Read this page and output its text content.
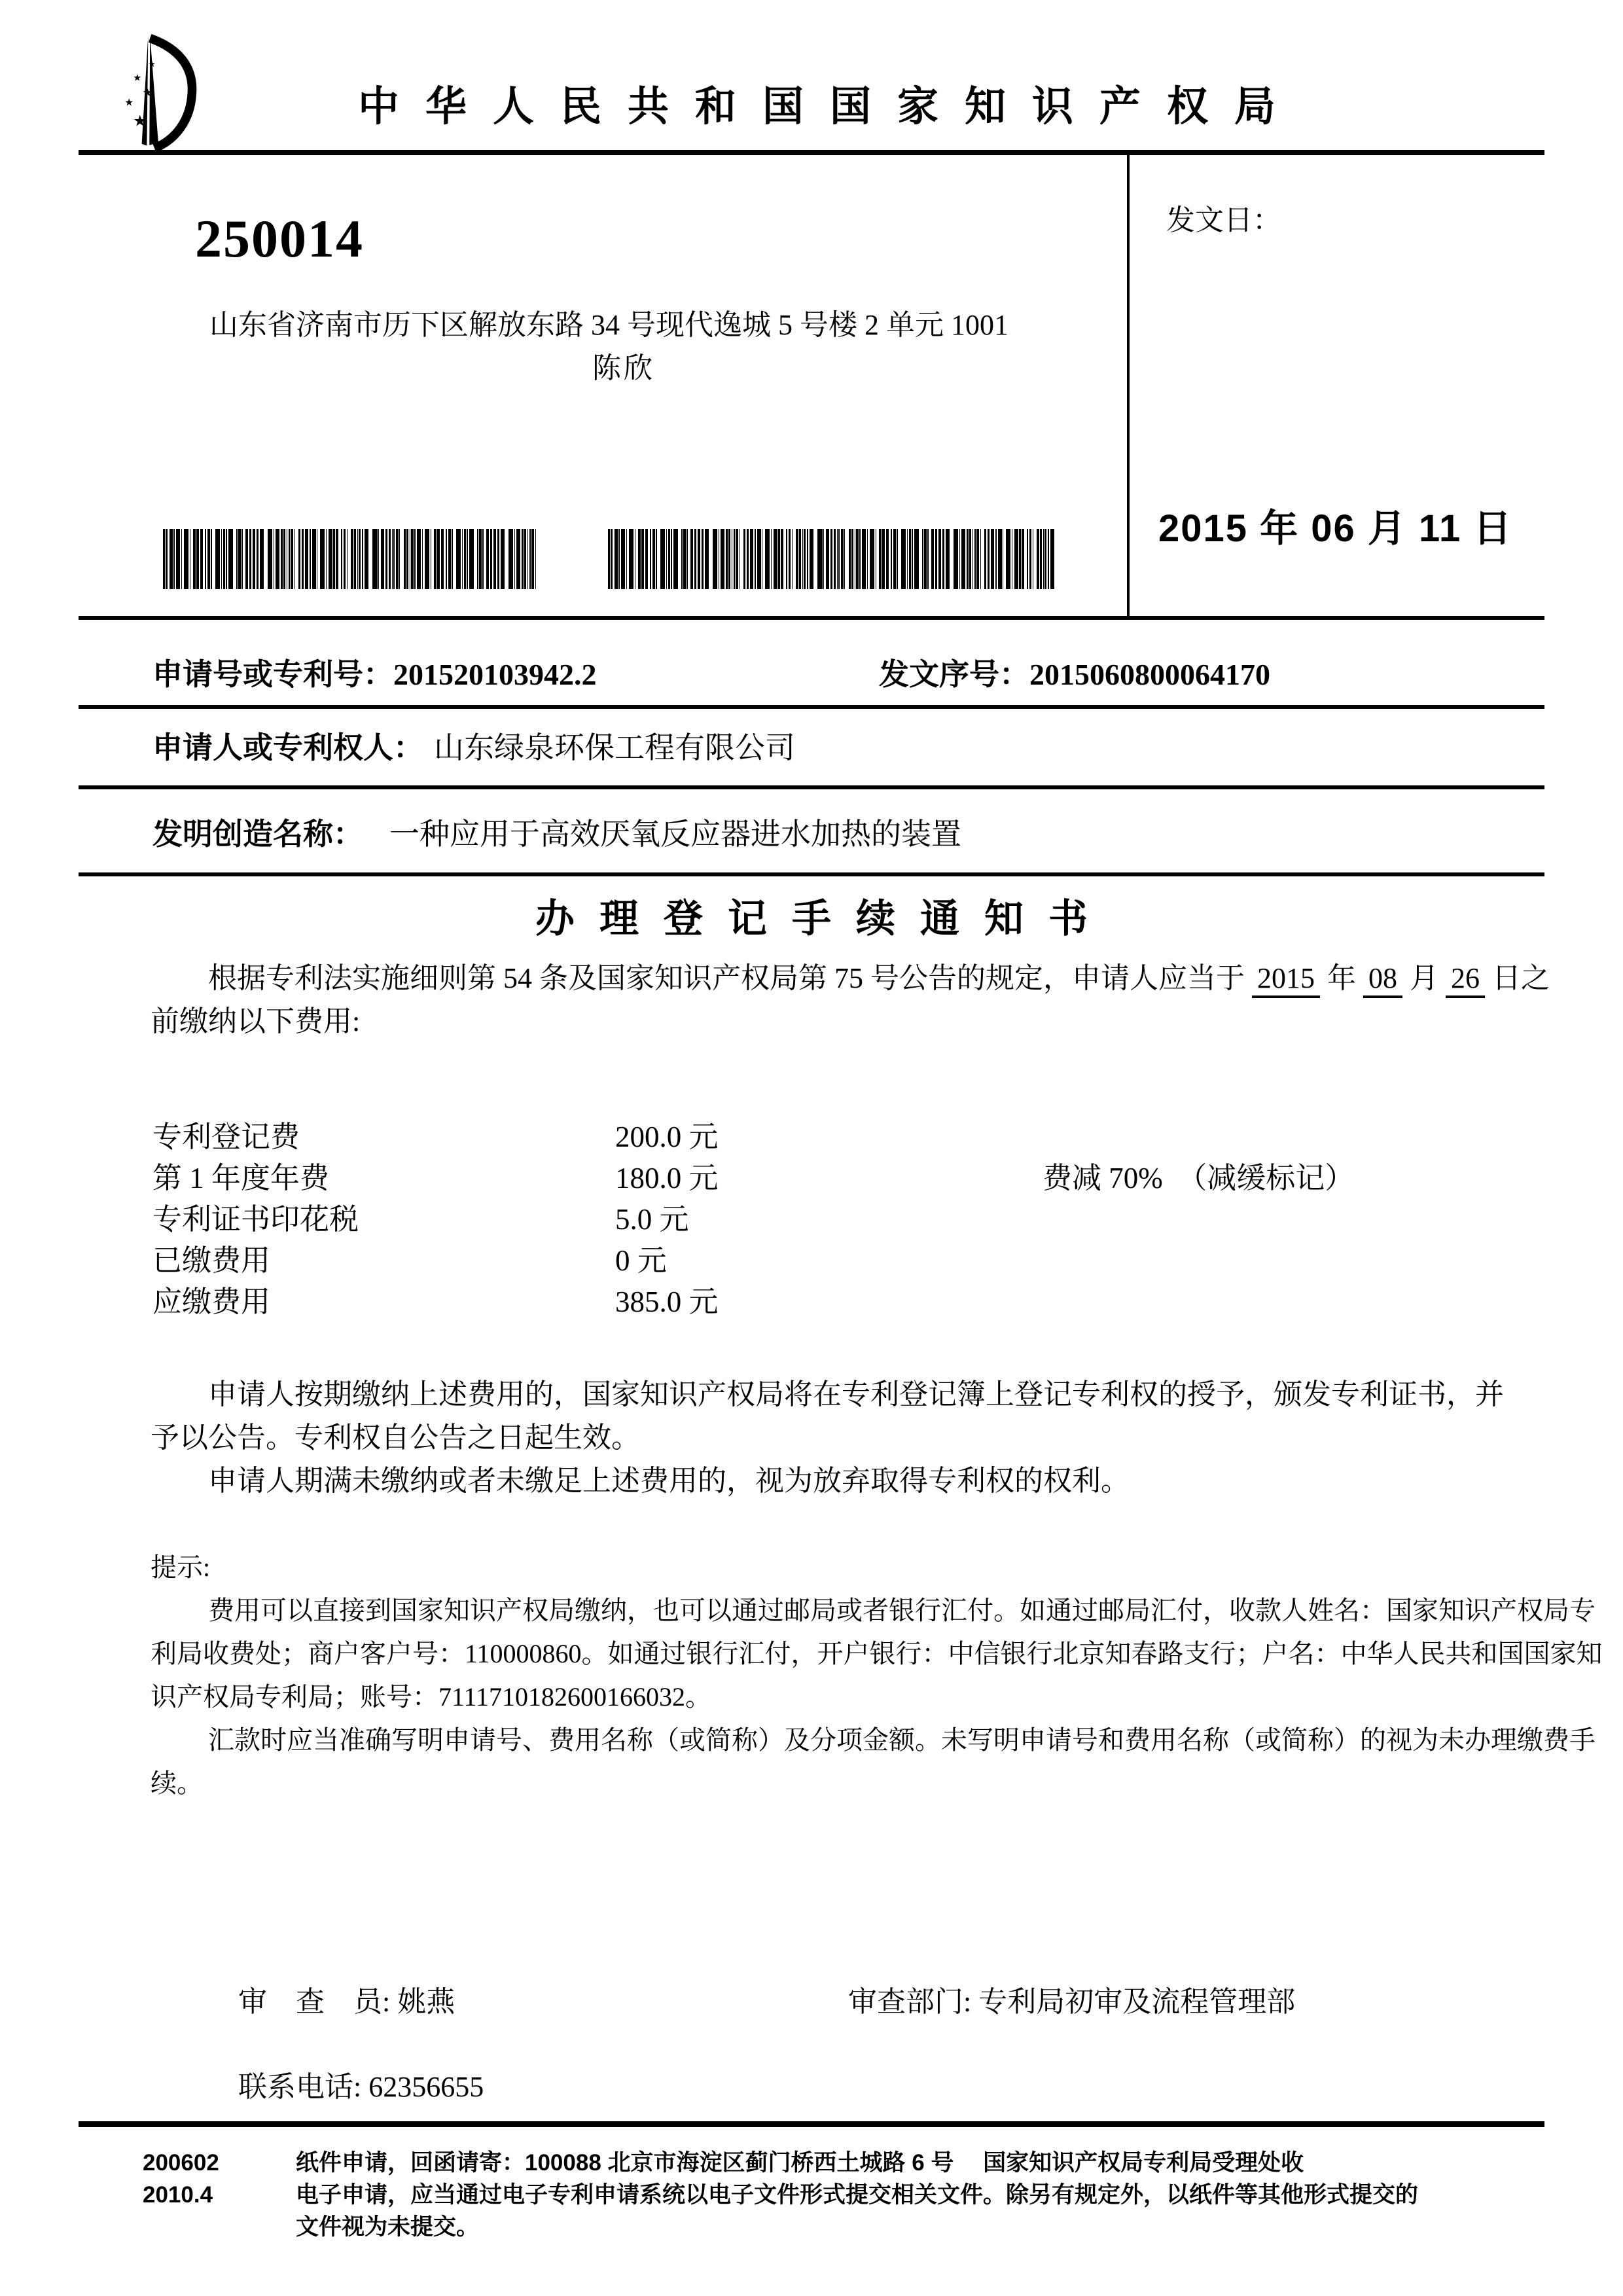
★
★
★
★
★	中华人民共和国国家知识产权局
250014
山东省济南市历下区解放东路 34 号现代逸城 5 号楼 2 单元 1001
陈欣
发文日：
2015 年 06 月 11 日
申请号或专利号：201520103942.2	发文序号：2015060800064170
申请人或专利权人： 山东绿泉环保工程有限公司
发明创造名称： 一种应用于高效厌氧反应器进水加热的装置
办理登记手续通知书
根据专利法实施细则第 54 条及国家知识产权局第 75 号公告的规定，申请人应当于 2015 年 08 月 26 日之
前缴纳以下费用:
专利登记费	200.0 元
第 1 年度年费	180.0 元	费减 70%　（减缓标记）
专利证书印花税	5.0 元
已缴费用	0 元
应缴费用	385.0 元
申请人按期缴纳上述费用的，国家知识产权局将在专利登记簿上登记专利权的授予，颁发专利证书，并
予以公告。专利权自公告之日起生效。
申请人期满未缴纳或者未缴足上述费用的，视为放弃取得专利权的权利。
提示:
费用可以直接到国家知识产权局缴纳，也可以通过邮局或者银行汇付。如通过邮局汇付，收款人姓名：国家知识产权局专
利局收费处；商户客户号：110000860。如通过银行汇付，开户银行：中信银行北京知春路支行；户名：中华人民共和国国家知
识产权局专利局；账号：7111710182600166032。
汇款时应当准确写明申请号、费用名称（或简称）及分项金额。未写明申请号和费用名称（或简称）的视为未办理缴费手
续。
审　查　员: 姚燕	审查部门: 专利局初审及流程管理部
联系电话: 62356655
200602
2010.4
纸件申请，回函请寄：100088 北京市海淀区蓟门桥西土城路 6 号　 国家知识产权局专利局受理处收
电子申请，应当通过电子专利申请系统以电子文件形式提交相关文件。除另有规定外，以纸件等其他形式提交的
文件视为未提交。
